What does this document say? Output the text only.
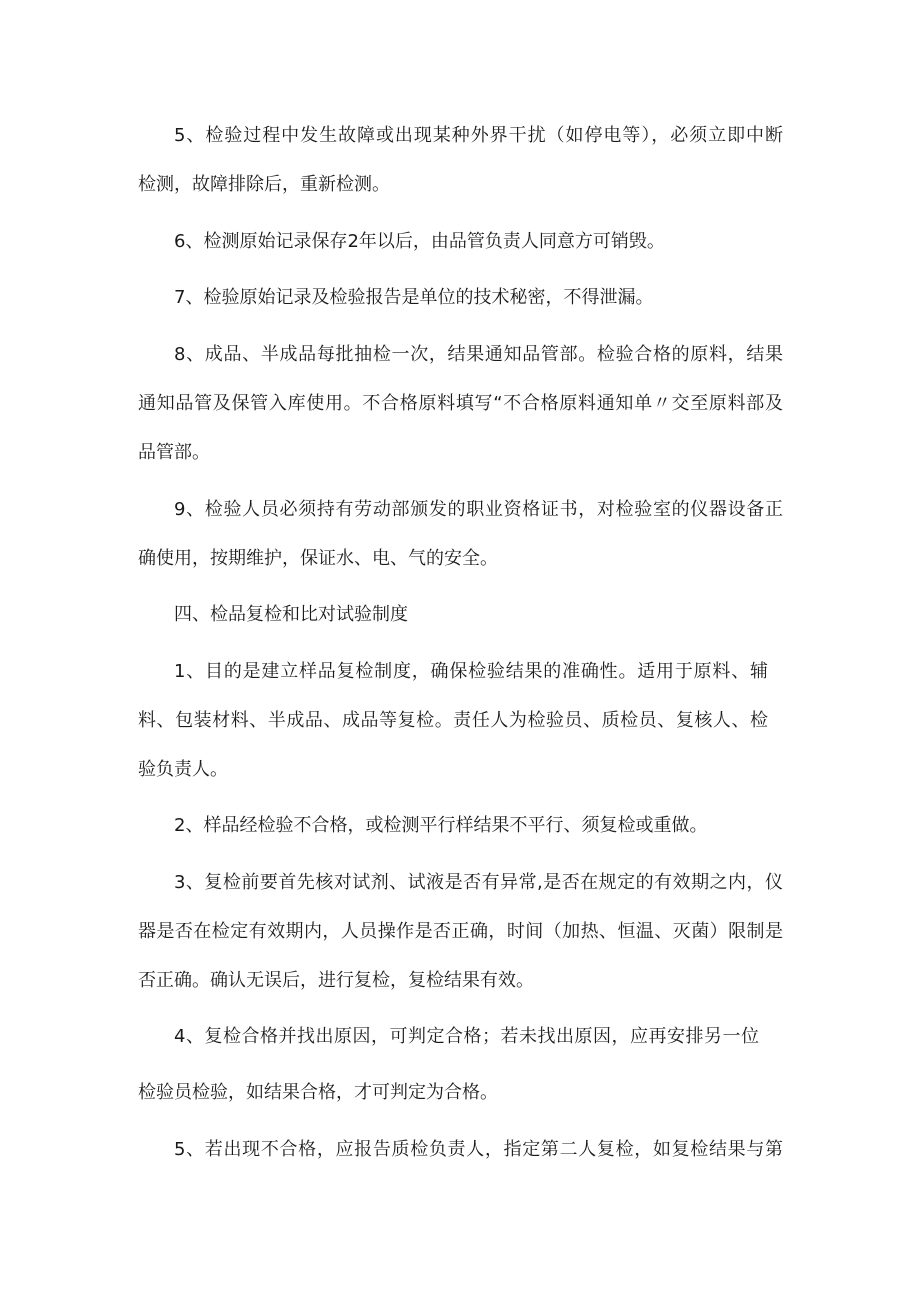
5、检验过程中发生故障或出现某种外界干扰（如停电等），必须立即中断

检测，故障排除后，重新检测。

6、检测原始记录保存2年以后，由品管负责人同意方可销毁。

7、检验原始记录及检验报告是单位的技术秘密，不得泄漏。

8、成品、半成品每批抽检一次，结果通知品管部。检验合格的原料，结果

通知品管及保管入库使用。不合格原料填写“不合格原料通知单〃交至原料部及

品管部。

9、检验人员必须持有劳动部颁发的职业资格证书，对检验室的仪器设备正

确使用，按期维护，保证水、电、气的安全。

四、检品复检和比对试验制度

1、目的是建立样品复检制度，确保检验结果的准确性。适用于原料、辅

料、包装材料、半成品、成品等复检。责任人为检验员、质检员、复核人、检

验负责人。

2、样品经检验不合格，或检测平行样结果不平行、须复检或重做。

3、复检前要首先核对试剂、试液是否有异常,是否在规定的有效期之内，仪

器是否在检定有效期内，人员操作是否正确，时间（加热、恒温、灭菌）限制是

否正确。确认无误后，进行复检，复检结果有效。

4、复检合格并找出原因，可判定合格；若未找出原因，应再安排另一位

检验员检验，如结果合格，才可判定为合格。

5、若出现不合格，应报告质检负责人，指定第二人复检，如复检结果与第
